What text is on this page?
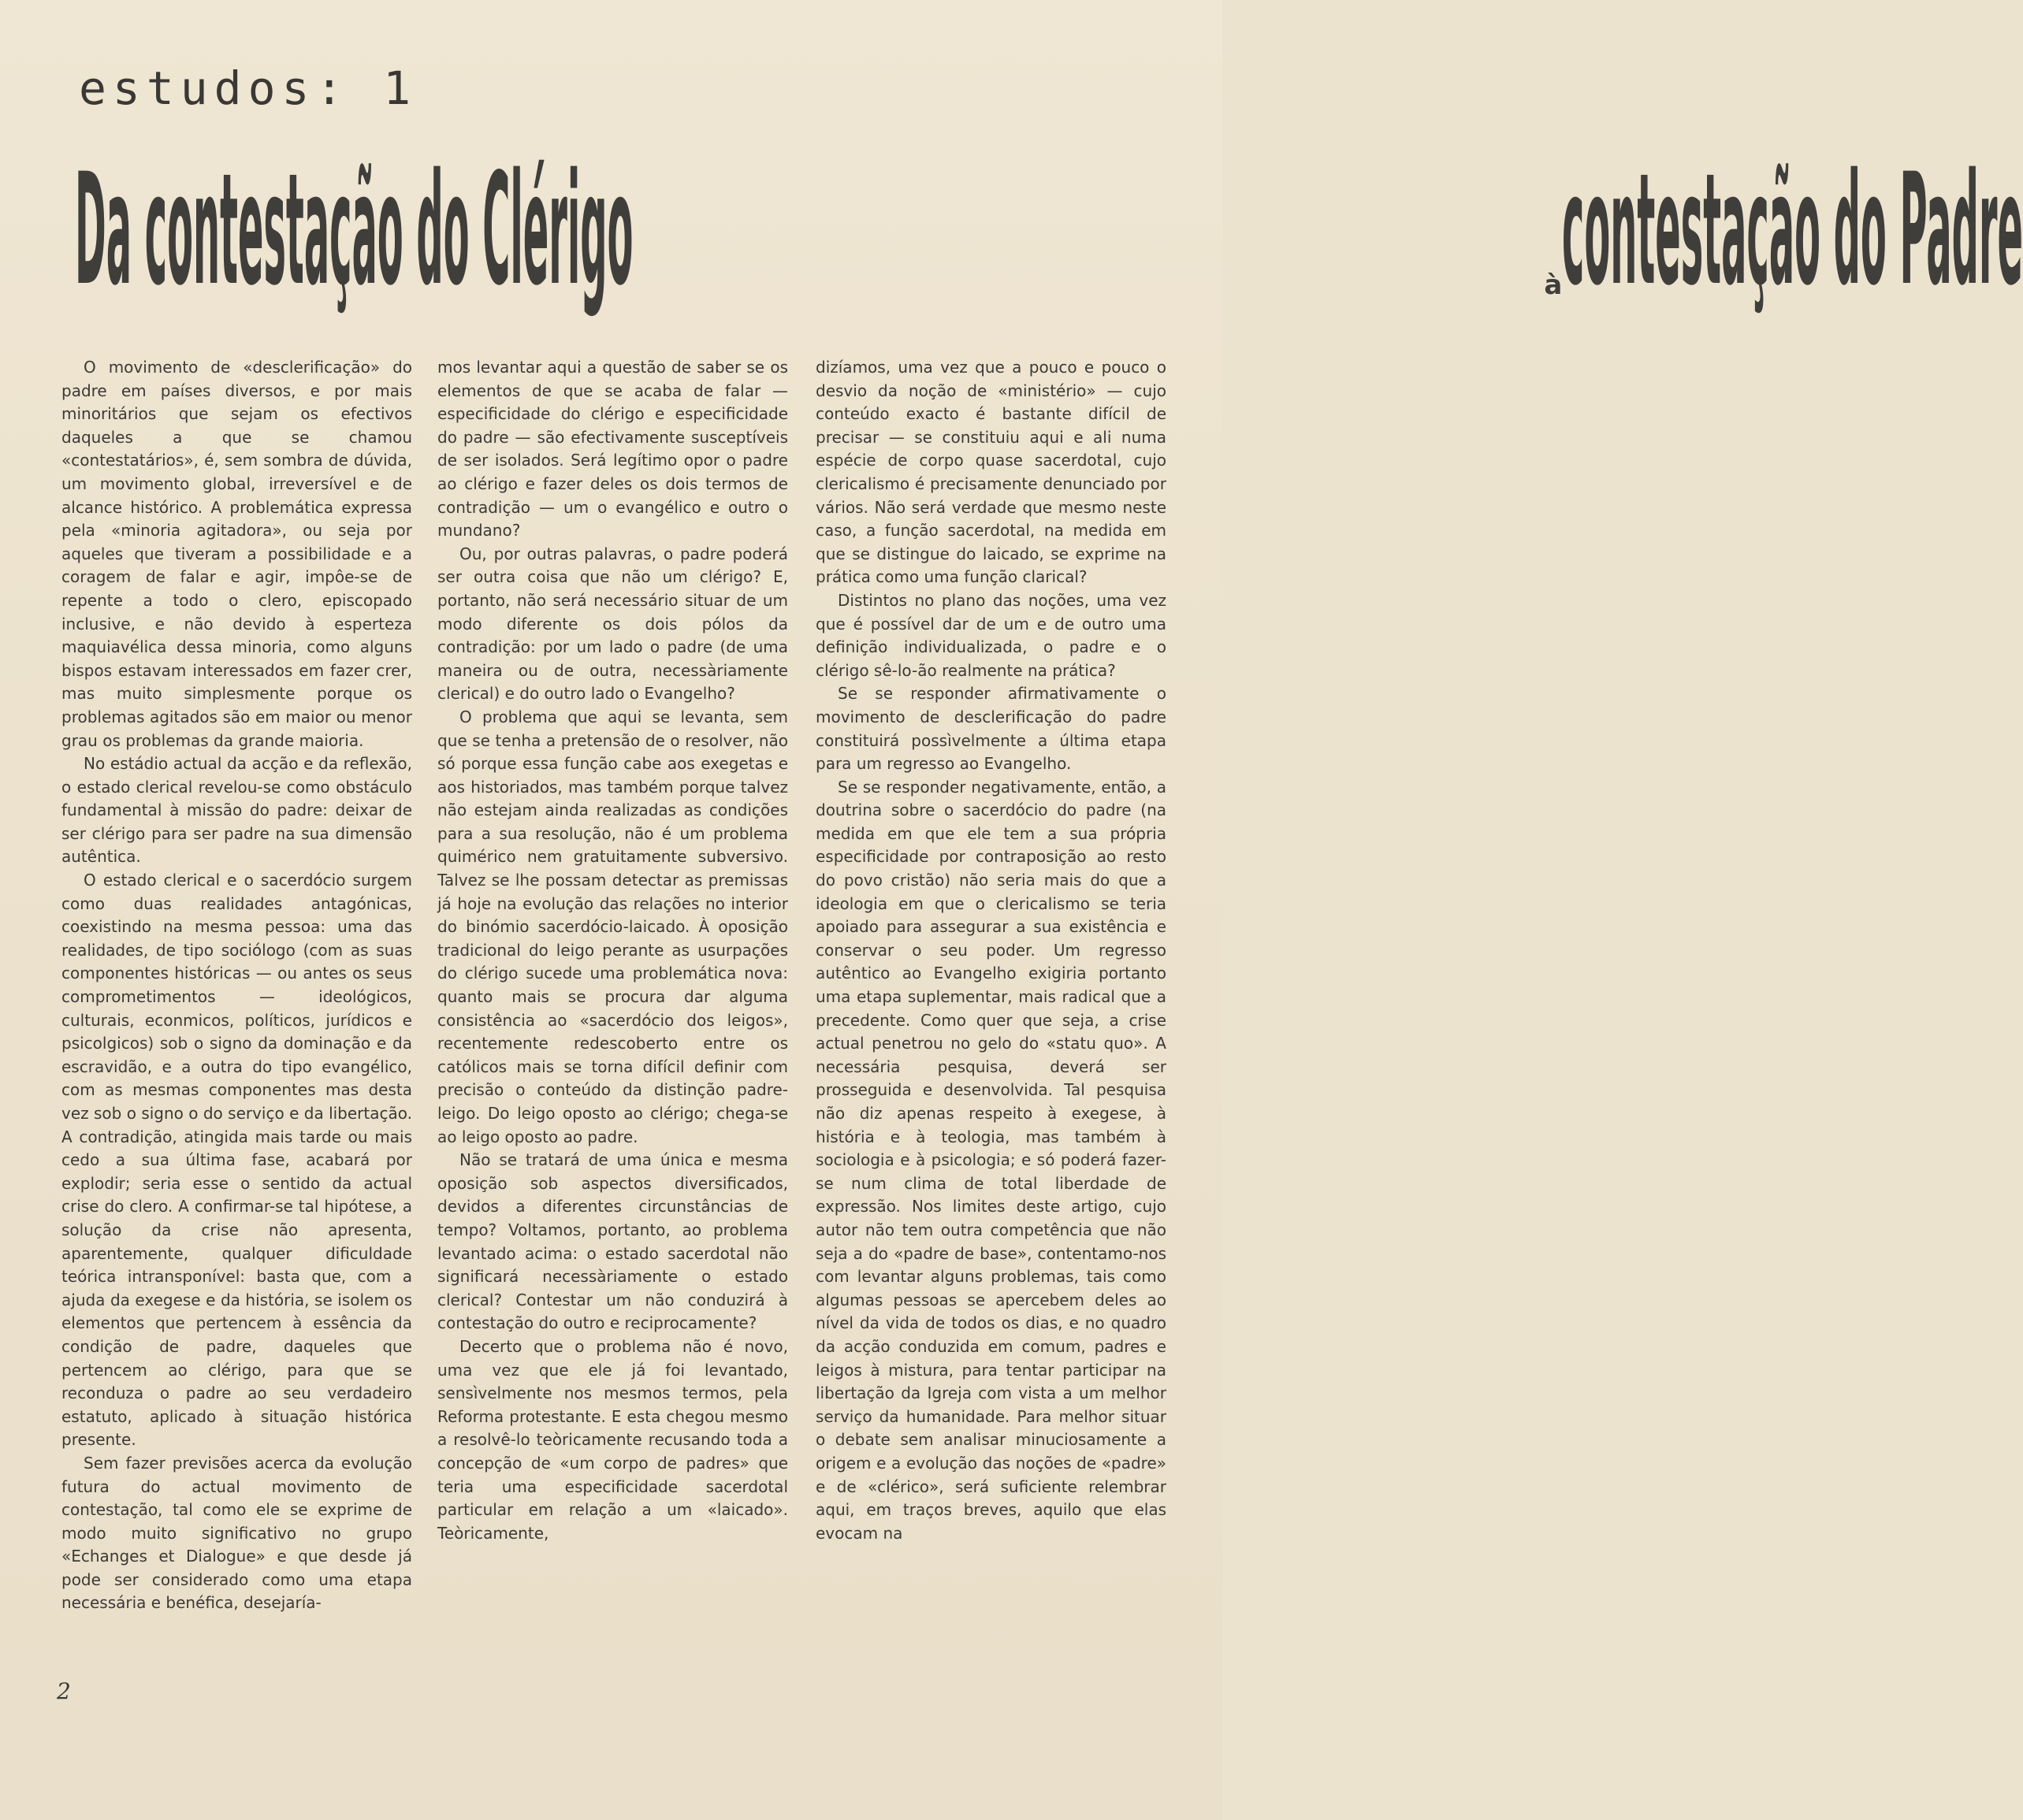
estudos: 1
Da contestação do Clérigo	à contestação do Padre

O movimento de «desclerificação» do padre em países diversos, e por mais minoritários que sejam os efectivos daqueles a que se chamou «contestatários», é, sem sombra de dúvida, um movimento global, irreversível e de alcance histórico. A problemática expressa pela «minoria agitadora», ou seja por aqueles que tiveram a possibilidade e a coragem de falar e agir, impôe-se de repente a todo o clero, episcopado inclusive, e não devido à esperteza maquiavélica dessa minoria, como alguns bispos estavam interessados em fazer crer, mas muito simplesmente porque os problemas agitados são em maior ou menor grau os problemas da grande maioria.

No estádio actual da acção e da reflexão, o estado clerical revelou-se como obstáculo fundamental à missão do padre: deixar de ser clérigo para ser padre na sua dimensão autêntica.

O estado clerical e o sacerdócio surgem como duas realidades antagónicas, coexistindo na mesma pessoa: uma das realidades, de tipo sociólogo (com as suas componentes históricas — ou antes os seus comprometimentos — ideológicos, culturais, econmicos, políticos, jurídicos e psicolgicos) sob o signo da dominação e da escravidão, e a outra do tipo evangélico, com as mesmas componentes mas desta vez sob o signo o do serviço e da libertação. A contradição, atingida mais tarde ou mais cedo a sua última fase, acabará por explodir; seria esse o sentido da actual crise do clero. A confirmar-se tal hipótese, a solução da crise não apresenta, aparentemente, qualquer dificuldade teórica intransponível: basta que, com a ajuda da exegese e da história, se isolem os elementos que pertencem à essência da condição de padre, daqueles que pertencem ao clérigo, para que se reconduza o padre ao seu verdadeiro estatuto, aplicado à situação histórica presente.

Sem fazer previsões acerca da evolução futura do actual movimento de contestação, tal como ele se exprime de modo muito significativo no grupo «Echanges et Dialogue» e que desde já pode ser considerado como uma etapa necessária e benéfica, desejaría-

mos levantar aqui a questão de saber se os elementos de que se acaba de falar — especificidade do clérigo e especificidade do padre — são efectivamente susceptíveis de ser isolados. Será legítimo opor o padre ao clérigo e fazer deles os dois termos de contradição — um o evangélico e outro o mundano?

Ou, por outras palavras, o padre poderá ser outra coisa que não um clérigo? E, portanto, não será necessário situar de um modo diferente os dois pólos da contradição: por um lado o padre (de uma maneira ou de outra, necessàriamente clerical) e do outro lado o Evangelho?

O problema que aqui se levanta, sem que se tenha a pretensão de o resolver, não só porque essa função cabe aos exegetas e aos historiados, mas também porque talvez não estejam ainda realizadas as condições para a sua resolução, não é um problema quimérico nem gratuitamente subversivo. Talvez se lhe possam detectar as premissas já hoje na evolução das relações no interior do binómio sacerdócio-laicado. À oposição tradicional do leigo perante as usurpações do clérigo sucede uma problemática nova: quanto mais se procura dar alguma consistência ao «sacerdócio dos leigos», recentemente redescoberto entre os católicos mais se torna difícil definir com precisão o conteúdo da distinção padre-leigo. Do leigo oposto ao clérigo; chega-se ao leigo oposto ao padre.

Não se tratará de uma única e mesma oposição sob aspectos diversificados, devidos a diferentes circunstâncias de tempo? Voltamos, portanto, ao problema levantado acima: o estado sacerdotal não significará necessàriamente o estado clerical? Contestar um não conduzirá à contestação do outro e reciprocamente?

Decerto que o problema não é novo, uma vez que ele já foi levantado, sensìvelmente nos mesmos termos, pela Reforma protestante. E esta chegou mesmo a resolvê-lo teòricamente recusando toda a concepção de «um corpo de padres» que teria uma especificidade sacerdotal particular em relação a um «laicado». Teòricamente,

dizíamos, uma vez que a pouco e pouco o desvio da noção de «ministério» — cujo conteúdo exacto é bastante difícil de precisar — se constituiu aqui e ali numa espécie de corpo quase sacerdotal, cujo clericalismo é precisamente denunciado por vários. Não será verdade que mesmo neste caso, a função sacerdotal, na medida em que se distingue do laicado, se exprime na prática como uma função clarical?

Distintos no plano das noções, uma vez que é possível dar de um e de outro uma definição individualizada, o padre e o clérigo sê-lo-ão realmente na prática?

Se se responder afirmativamente o movimento de desclerificação do padre constituirá possìvelmente a última etapa para um regresso ao Evangelho.

Se se responder negativamente, então, a doutrina sobre o sacerdócio do padre (na medida em que ele tem a sua própria especificidade por contraposição ao resto do povo cristão) não seria mais do que a ideologia em que o clericalismo se teria apoiado para assegurar a sua existência e conservar o seu poder. Um regresso autêntico ao Evangelho exigiria portanto uma etapa suplementar, mais radical que a precedente. Como quer que seja, a crise actual penetrou no gelo do «statu quo». A necessária pesquisa, deverá ser prosseguida e desenvolvida. Tal pesquisa não diz apenas respeito à exegese, à história e à teologia, mas também à sociologia e à psicologia; e só poderá fazer-se num clima de total liberdade de expressão. Nos limites deste artigo, cujo autor não tem outra competência que não seja a do «padre de base», contentamo-nos com levantar alguns problemas, tais como algumas pessoas se apercebem deles ao nível da vida de todos os dias, e no quadro da acção conduzida em comum, padres e leigos à mistura, para tentar participar na libertação da Igreja com vista a um melhor serviço da humanidade. Para melhor situar o debate sem analisar minuciosamente a origem e a evolução das noções de «padre» e de «clérico», será suficiente relembrar aqui, em traços breves, aquilo que elas evocam na

2
